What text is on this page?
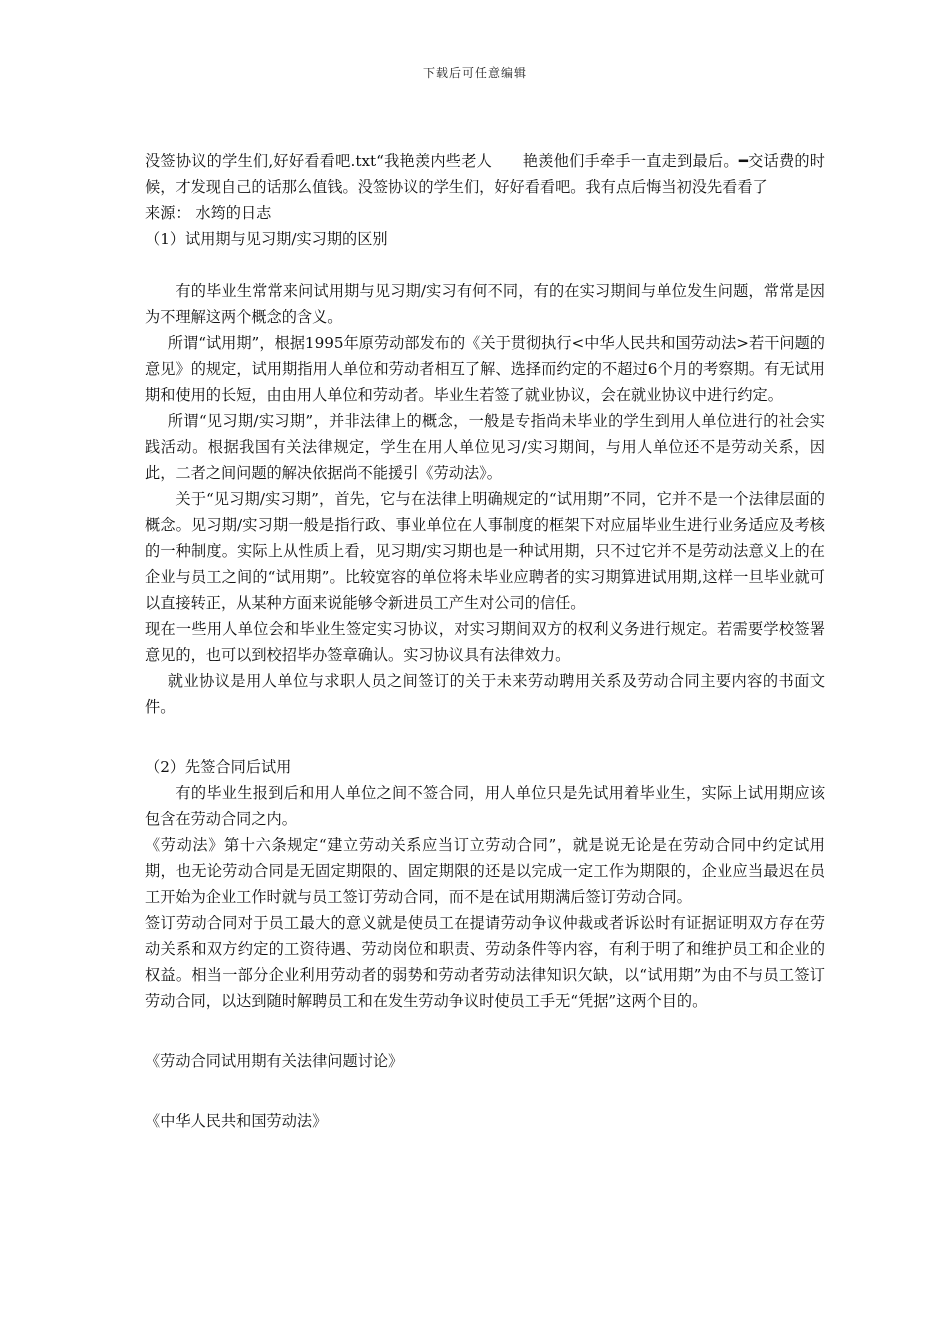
下载后可任意编辑

没签协议的学生们,好好看看吧.txt“我艳羡内些老人　　艳羡他们手牵手一直走到最后。━交话费的时候，才发现自己的话那么值钱。没签协议的学生们，好好看看吧。我有点后悔当初没先看看了

来源： 水筠的日志

（1）试用期与见习期/实习期的区别

有的毕业生常常来问试用期与见习期/实习有何不同，有的在实习期间与单位发生问题，常常是因为不理解这两个概念的含义。

所谓“试用期”，根据1995年原劳动部发布的《关于贯彻执行<中华人民共和国劳动法>若干问题的意见》的规定，试用期指用人单位和劳动者相互了解、选择而约定的不超过6个月的考察期。有无试用期和使用的长短，由由用人单位和劳动者。毕业生若签了就业协议，会在就业协议中进行约定。

所谓“见习期/实习期”，并非法律上的概念，一般是专指尚未毕业的学生到用人单位进行的社会实践活动。根据我国有关法律规定，学生在用人单位见习/实习期间，与用人单位还不是劳动关系，因此，二者之间问题的解决依据尚不能援引《劳动法》。

关于“见习期/实习期”，首先，它与在法律上明确规定的“试用期”不同，它并不是一个法律层面的概念。见习期/实习期一般是指行政、事业单位在人事制度的框架下对应届毕业生进行业务适应及考核的一种制度。实际上从性质上看，见习期/实习期也是一种试用期，只不过它并不是劳动法意义上的在企业与员工之间的“试用期”。比较宽容的单位将未毕业应聘者的实习期算进试用期,这样一旦毕业就可以直接转正，从某种方面来说能够令新进员工产生对公司的信任。

现在一些用人单位会和毕业生签定实习协议，对实习期间双方的权利义务进行规定。若需要学校签署意见的，也可以到校招毕办签章确认。实习协议具有法律效力。

就业协议是用人单位与求职人员之间签订的关于未来劳动聘用关系及劳动合同主要内容的书面文件。

（2）先签合同后试用

有的毕业生报到后和用人单位之间不签合同，用人单位只是先试用着毕业生，实际上试用期应该包含在劳动合同之内。

《劳动法》第十六条规定“建立劳动关系应当订立劳动合同”，就是说无论是在劳动合同中约定试用期，也无论劳动合同是无固定期限的、固定期限的还是以完成一定工作为期限的，企业应当最迟在员工开始为企业工作时就与员工签订劳动合同，而不是在试用期满后签订劳动合同。

签订劳动合同对于员工最大的意义就是使员工在提请劳动争议仲裁或者诉讼时有证据证明双方存在劳动关系和双方约定的工资待遇、劳动岗位和职责、劳动条件等内容，有利于明了和维护员工和企业的权益。相当一部分企业利用劳动者的弱势和劳动者劳动法律知识欠缺，以“试用期”为由不与员工签订劳动合同，以达到随时解聘员工和在发生劳动争议时使员工手无“凭据”这两个目的。

《劳动合同试用期有关法律问题讨论》

《中华人民共和国劳动法》
